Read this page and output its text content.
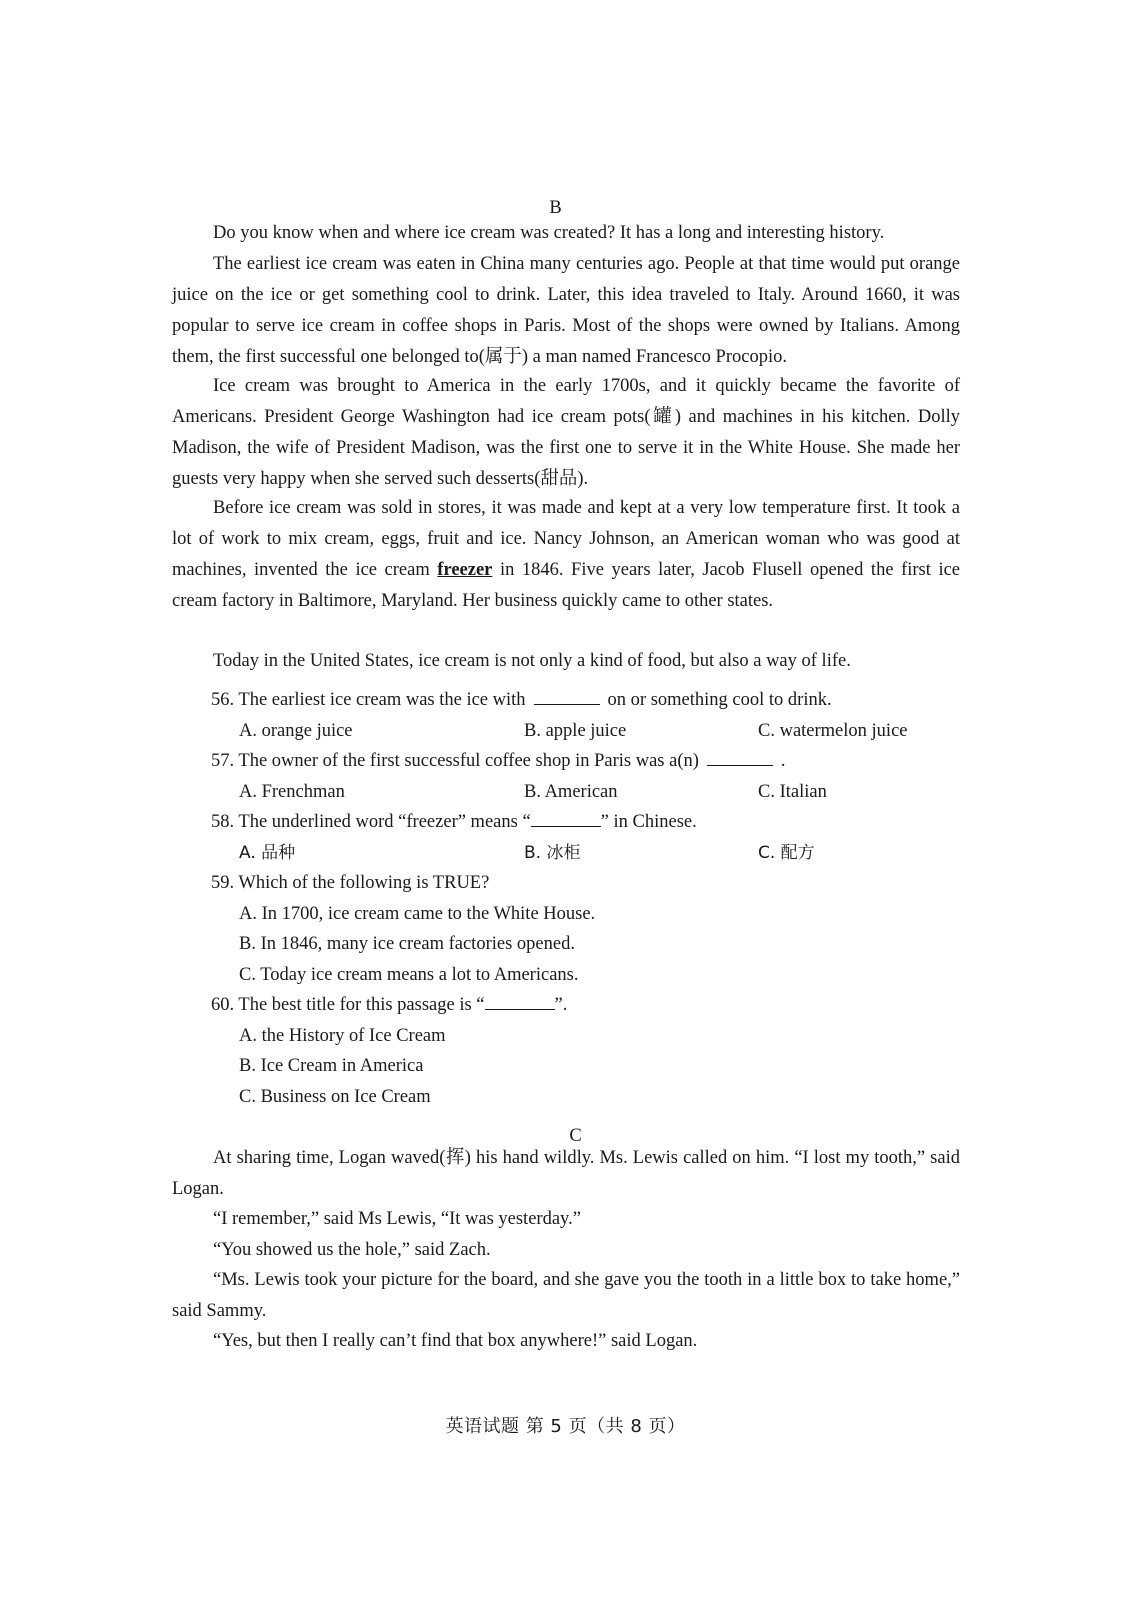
B

Do you know when and where ice cream was created? It has a long and interesting history.

The earliest ice cream was eaten in China many centuries ago. People at that time would put orange juice on the ice or get something cool to drink. Later, this idea traveled to Italy. Around 1660, it was popular to serve ice cream in coffee shops in Paris. Most of the shops were owned by Italians. Among them, the first successful one belonged to(属于) a man named Francesco Procopio.

Ice cream was brought to America in the early 1700s, and it quickly became the favorite of Americans. President George Washington had ice cream pots(罐) and machines in his kitchen. Dolly Madison, the wife of President Madison, was the first one to serve it in the White House. She made her guests very happy when she served such desserts(甜品).

Before ice cream was sold in stores, it was made and kept at a very low temperature first. It took a lot of work to mix cream, eggs, fruit and ice. Nancy Johnson, an American woman who was good at machines, invented the ice cream freezer in 1846. Five years later, Jacob Flusell opened the first ice cream factory in Baltimore, Maryland. Her business quickly came to other states.

Today in the United States, ice cream is not only a kind of food, but also a way of life.

56. The earliest ice cream was the ice with	on or something cool to drink.
A. orange juice	B. apple juice	C. watermelon juice
57. The owner of the first successful coffee shop in Paris was a(n)	.
A. Frenchman	B. American	C. Italian
58. The underlined word “freezer” means “	” in Chinese.
A. 品种	B. 冰柜	C. 配方
59. Which of the following is TRUE?
A. In 1700, ice cream came to the White House.
B. In 1846, many ice cream factories opened.
C. Today ice cream means a lot to Americans.
60. The best title for this passage is “	”.
A. the History of Ice Cream
B. Ice Cream in America
C. Business on Ice Cream
C

At sharing time, Logan waved(挥) his hand wildly. Ms. Lewis called on him. “I lost my tooth,” said Logan.

“I remember,” said Ms Lewis, “It was yesterday.”

“You showed us the hole,” said Zach.

“Ms. Lewis took your picture for the board, and she gave you the tooth in a little box to take home,” said Sammy.

“Yes, but then I really can’t find that box anywhere!” said Logan.

英语试题 第 5 页（共 8 页）
